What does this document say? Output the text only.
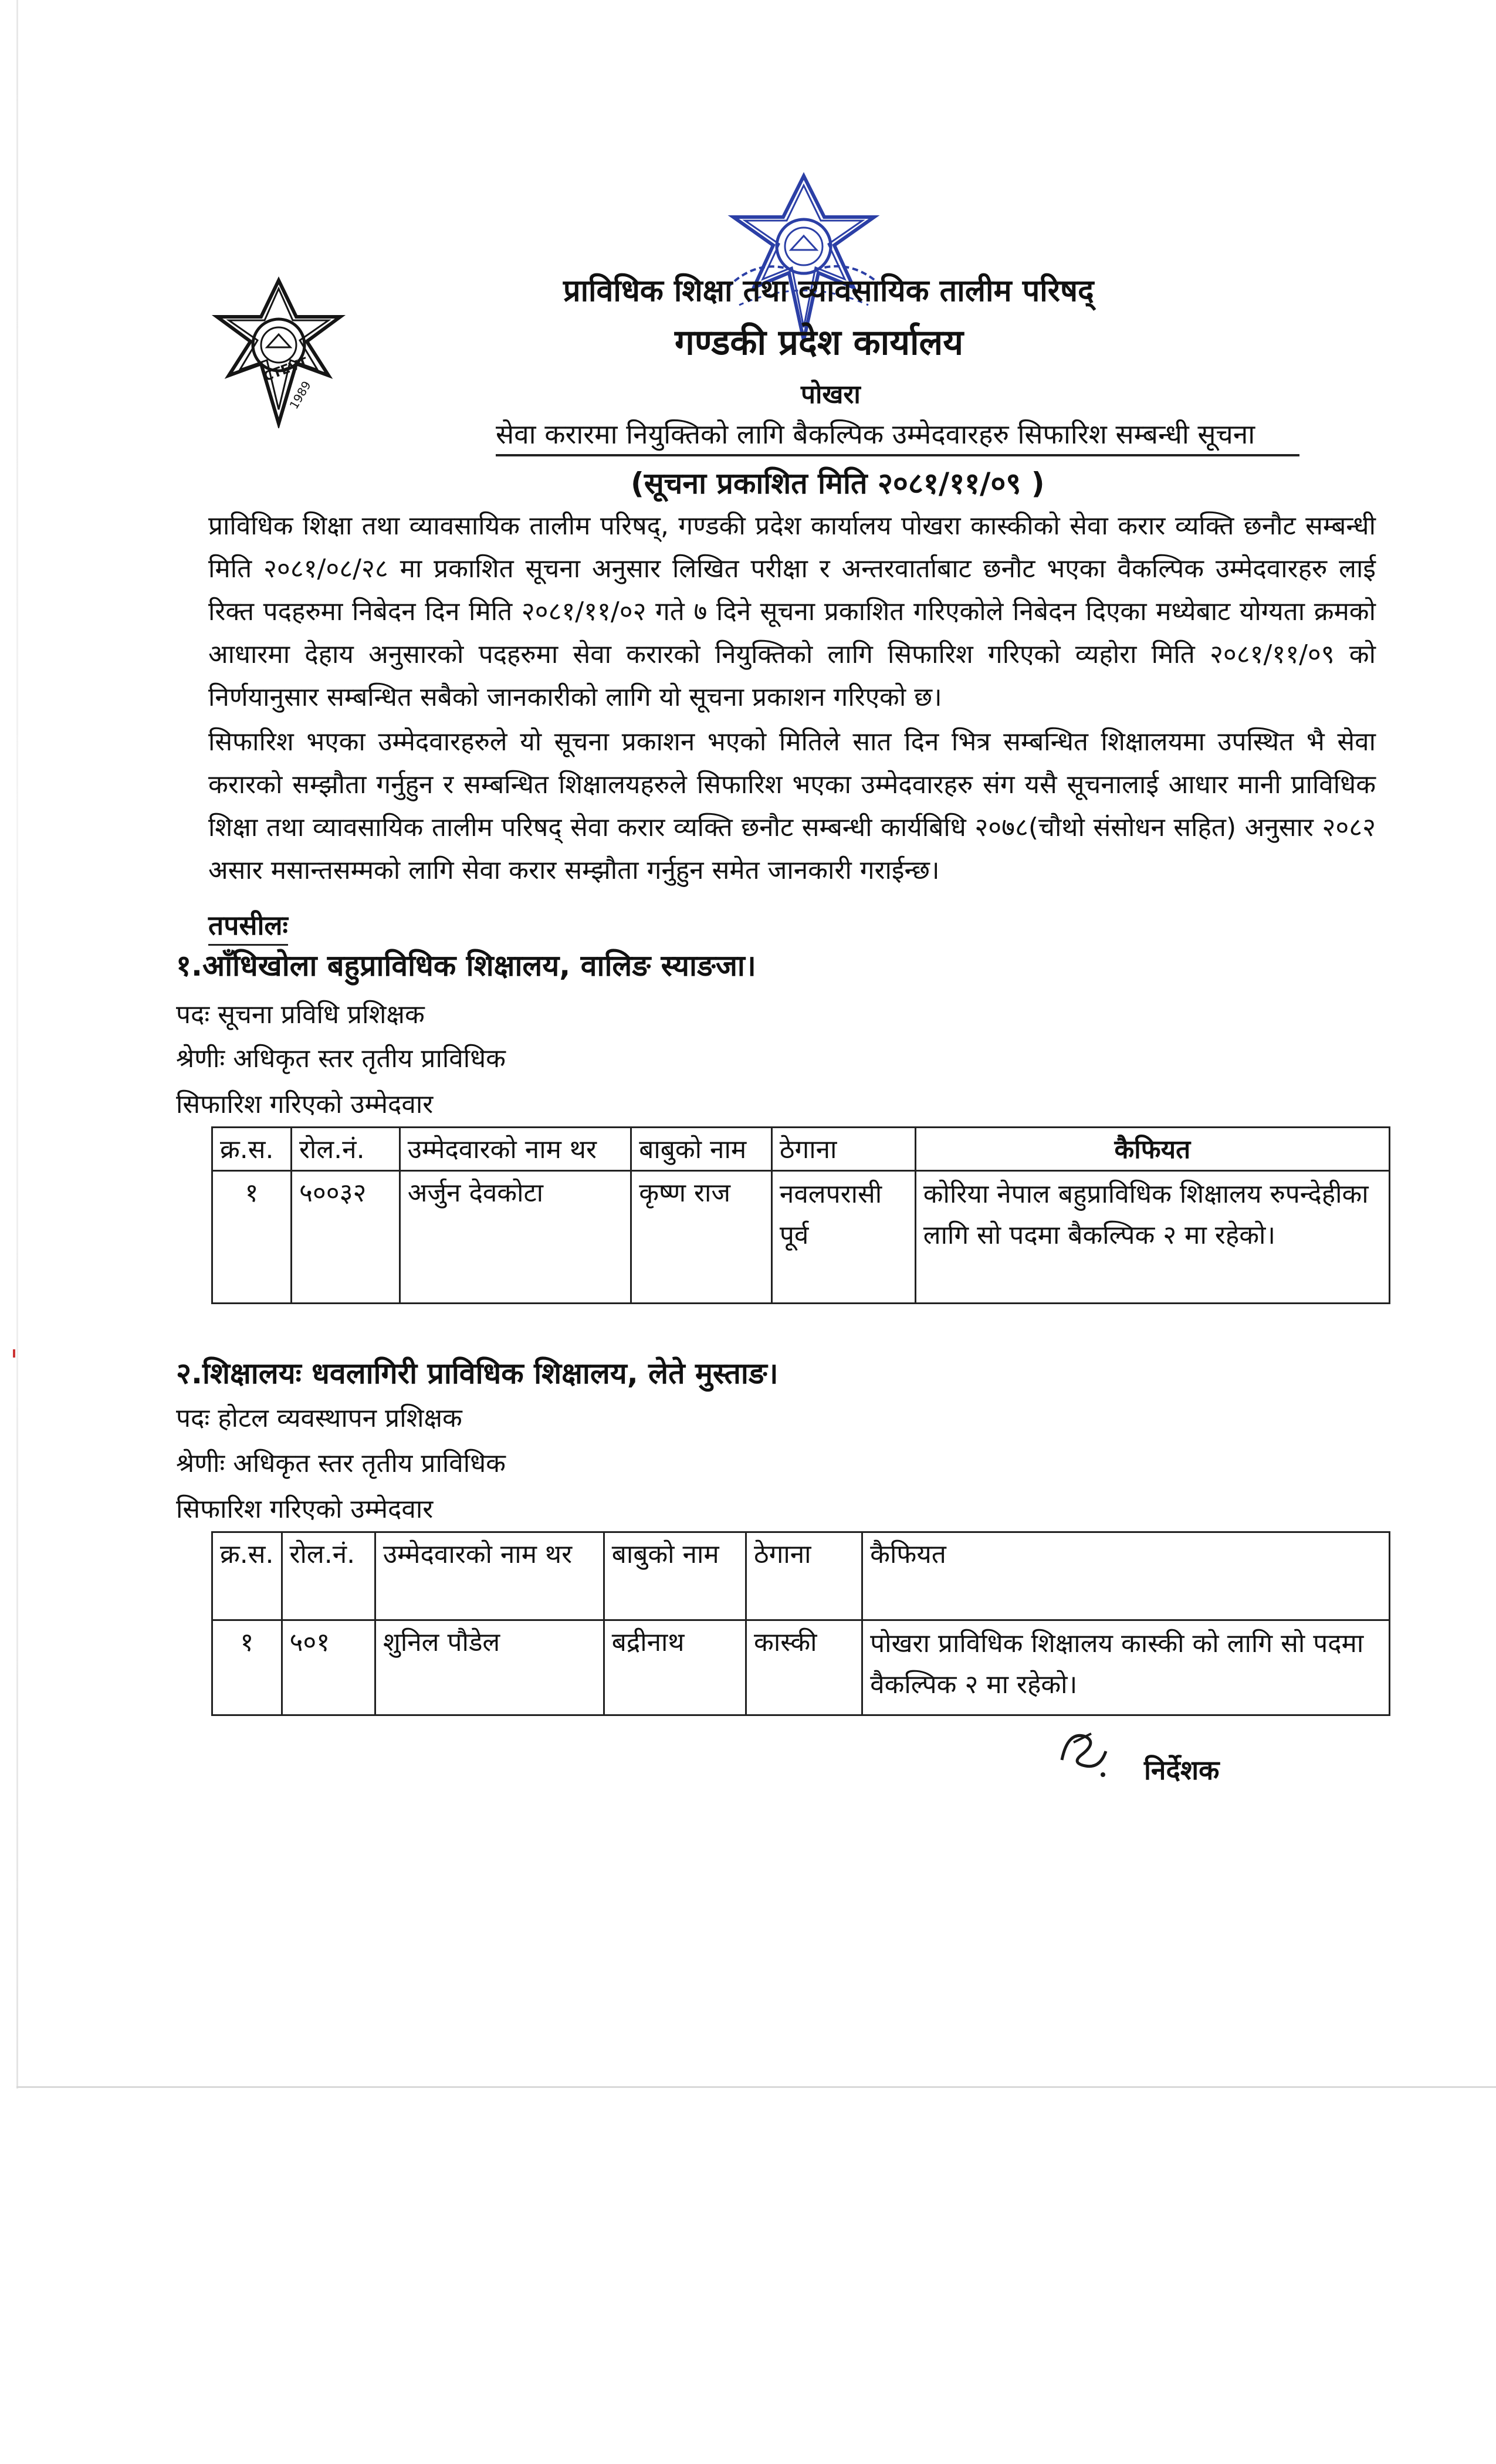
CTEVT
1989
प्राविधिक शिक्षा तथा व्यावसायिक तालीम परिषद्
गण्डकी प्रदेश कार्यालय
पोखरा
सेवा करारमा नियुक्तिको लागि बैकल्पिक उम्मेदवारहरु सिफारिश सम्बन्धी सूचना
(सूचना प्रकाशित मिति २०८१/११/०९ )
प्राविधिक शिक्षा तथा व्यावसायिक तालीम परिषद्, गण्डकी प्रदेश कार्यालय पोखरा कास्कीको सेवा करार व्यक्ति छनौट सम्बन्धी मिति २०८१/०८/२८ मा प्रकाशित सूचना अनुसार लिखित परीक्षा र अन्तरवार्ताबाट छनौट भएका वैकल्पिक उम्मेदवारहरु लाई रिक्त पदहरुमा निबेदन दिन मिति २०८१/११/०२ गते ७ दिने सूचना प्रकाशित गरिएकोले निबेदन दिएका मध्येबाट योग्यता क्रमको आधारमा देहाय अनुसारको पदहरुमा सेवा करारको नियुक्तिको लागि सिफारिश गरिएको व्यहोरा मिति २०८१/११/०९ को निर्णयानुसार सम्बन्धित सबैको जानकारीको लागि यो सूचना प्रकाशन गरिएको छ।
सिफारिश भएका उम्मेदवारहरुले यो सूचना प्रकाशन भएको मितिले सात दिन भित्र सम्बन्धित शिक्षालयमा उपस्थित भै सेवा करारको सम्झौता गर्नुहुन र सम्बन्धित शिक्षालयहरुले सिफारिश भएका उम्मेदवारहरु संग यसै सूचनालाई आधार मानी प्राविधिक शिक्षा तथा व्यावसायिक तालीम परिषद् सेवा करार व्यक्ति छनौट सम्बन्धी कार्यबिधि २०७८(चौथो संसोधन सहित) अनुसार २०८२ असार मसान्तसम्मको लागि सेवा करार सम्झौता गर्नुहुन समेत जानकारी गराईन्छ।
तपसीलः
१.आँधिखोला बहुप्राविधिक शिक्षालय, वालिङ स्याङजा।
पदः सूचना प्रविधि प्रशिक्षक
श्रेणीः अधिकृत स्तर तृतीय प्राविधिक
सिफारिश गरिएको उम्मेदवार
क्र.स.	रोल.नं.	उम्मेदवारको नाम थर	बाबुको नाम	ठेगाना	कैफियत
१	५००३२	अर्जुन देवकोटा	कृष्ण राज	नवलपरासी पूर्व	कोरिया नेपाल बहुप्राविधिक शिक्षालय रुपन्देहीका लागि सो पदमा बैकल्पिक २ मा रहेको।
२.शिक्षालयः धवलागिरी प्राविधिक शिक्षालय, लेते मुस्ताङ।
पदः होटल व्यवस्थापन प्रशिक्षक
श्रेणीः अधिकृत स्तर तृतीय प्राविधिक
सिफारिश गरिएको उम्मेदवार
क्र.स.	रोल.नं.	उम्मेदवारको नाम थर	बाबुको नाम	ठेगाना	कैफियत
१	५०१	शुनिल पौडेल	बद्रीनाथ	कास्की	पोखरा प्राविधिक शिक्षालय कास्की को लागि सो पदमा वैकल्पिक २ मा रहेको।
निर्देशक
